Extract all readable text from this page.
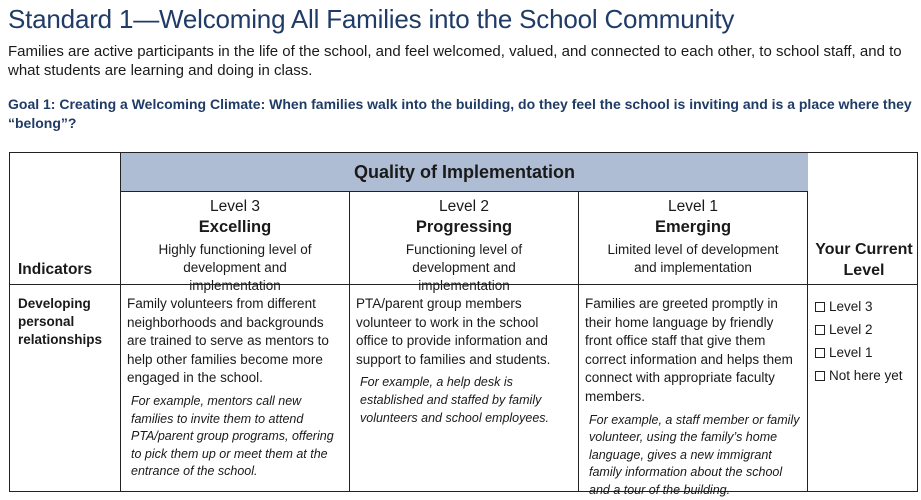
Standard 1—Welcoming All Families into the School Community
Families are active participants in the life of the school, and feel welcomed, valued, and connected to each other, to school staff, and to what students are learning and doing in class.
Goal 1: Creating a Welcoming Climate: When families walk into the building, do they feel the school is inviting and is a place where they “belong”?
Quality of Implementation
Level 3
Excelling
Highly functioning level of development and implementation
Level 2
Progressing
Functioning level of development and implementation
Level 1
Emerging
Limited level of development and implementation
Indicators
Your Current Level
Developing personal relationships
Family volunteers from different neighborhoods and backgrounds are trained to serve as mentors to help other families become more engaged in the school.
For example, mentors call new families to invite them to attend PTA/parent group programs, offering to pick them up or meet them at the entrance of the school.
PTA/parent group members volunteer to work in the school office to provide information and support to families and students.
For example, a help desk is established and staffed by family volunteers and school employees.
Families are greeted promptly in their home language by friendly front office staff that give them correct information and helps them connect with appropriate faculty members.
For example, a staff member or family volunteer, using the family’s home language, gives a new immigrant family information about the school and a tour of the building.
Level 3
Level 2
Level 1
Not here yet
